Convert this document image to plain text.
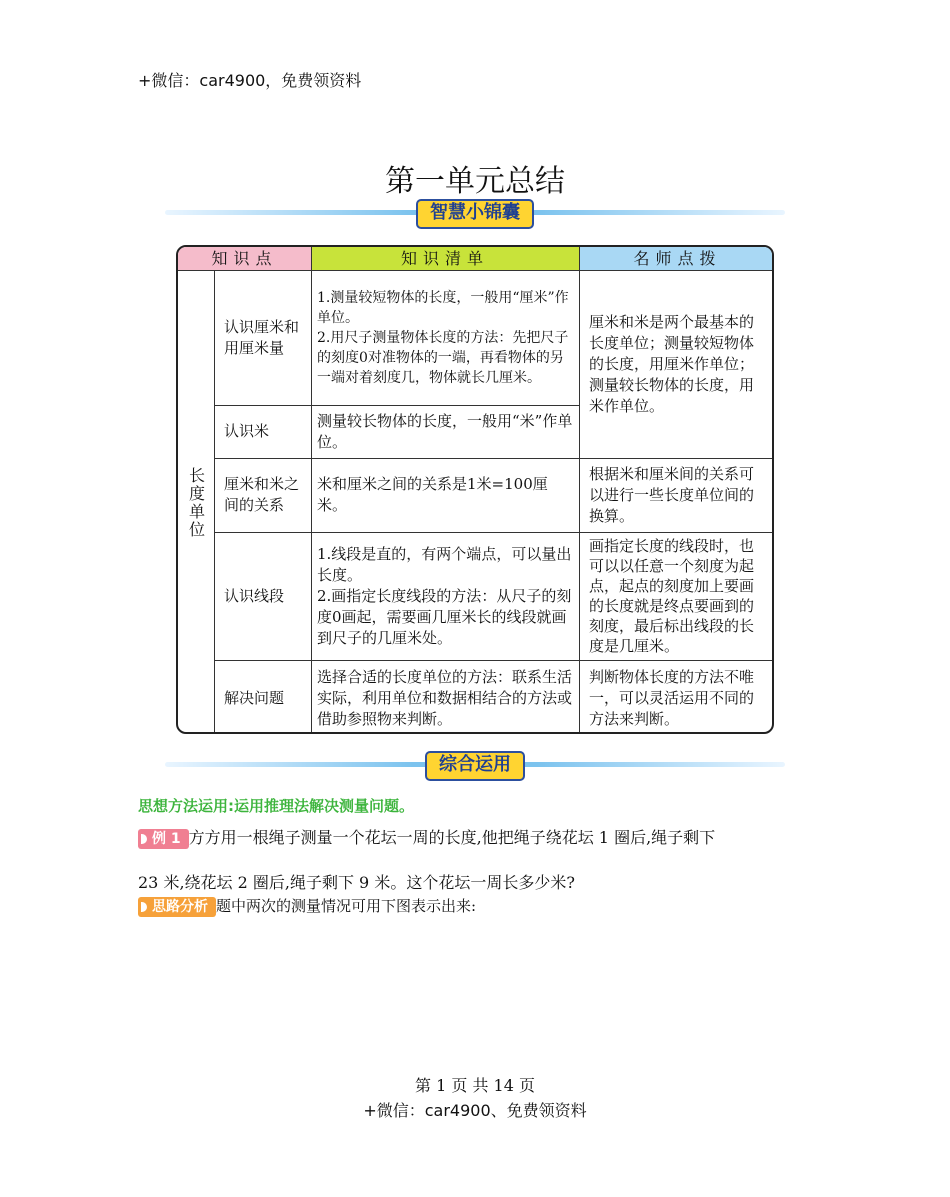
+微信：car4900，免费领资料
第一单元总结
智慧小锦囊
知识点	知识清单	名师点拨
长度单位
认识厘米和用厘米量
1.测量较短物体的长度，一般用“厘米”作单位。
2.用尺子测量物体长度的方法：先把尺子的刻度0对准物体的一端，再看物体的另一端对着刻度几，物体就长几厘米。
认识米
测量较长物体的长度，一般用“米”作单位。
厘米和米是两个最基本的长度单位；测量较短物体的长度，用厘米作单位；测量较长物体的长度，用米作单位。
厘米和米之间的关系
米和厘米之间的关系是1米=100厘米。
根据米和厘米间的关系可以进行一些长度单位间的换算。
认识线段
1.线段是直的，有两个端点，可以量出长度。
2.画指定长度线段的方法：从尺子的刻度0画起，需要画几厘米长的线段就画到尺子的几厘米处。
画指定长度的线段时，也可以以任意一个刻度为起点，起点的刻度加上要画的长度就是终点要画到的刻度，最后标出线段的长度是几厘米。
解决问题
选择合适的长度单位的方法：联系生活实际，利用单位和数据相结合的方法或借助参照物来判断。
判断物体长度的方法不唯一，可以灵活运用不同的方法来判断。
综合运用
思想方法运用:运用推理法解决测量问题。
例 1 方方用一根绳子测量一个花坛一周的长度,他把绳子绕花坛 1 圈后,绳子剩下
23 米,绕花坛 2 圈后,绳子剩下 9 米。这个花坛一周长多少米?
思路分析 题中两次的测量情况可用下图表示出来:
第 1 页 共 14 页
+微信：car4900、免费领资料
